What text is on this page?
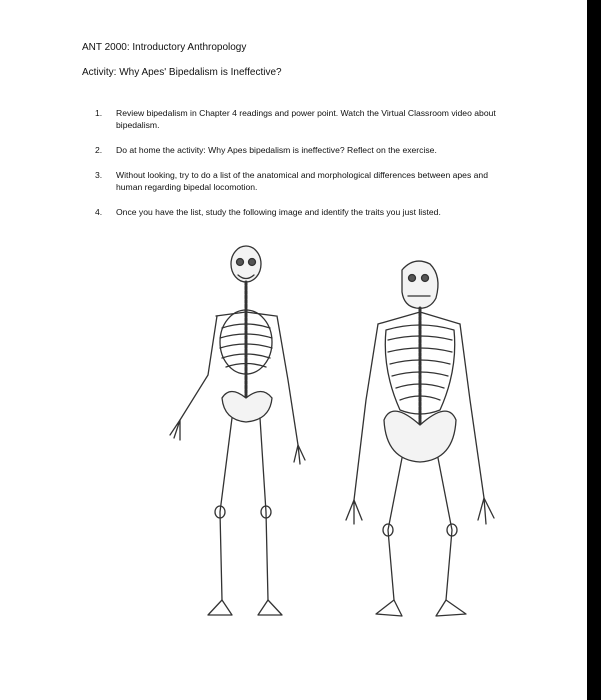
ANT 2000: Introductory Anthropology
Activity: Why Apes' Bipedalism is Ineffective?
1. Review bipedalism in Chapter 4 readings and power point. Watch the Virtual Classroom video about bipedalism.
2. Do at home the activity: Why Apes bipedalism is ineffective? Reflect on the exercise.
3. Without looking, try to do a list of the anatomical and morphological differences between apes and human regarding bipedal locomotion.
4. Once you have the list, study the following image and identify the traits you just listed.
